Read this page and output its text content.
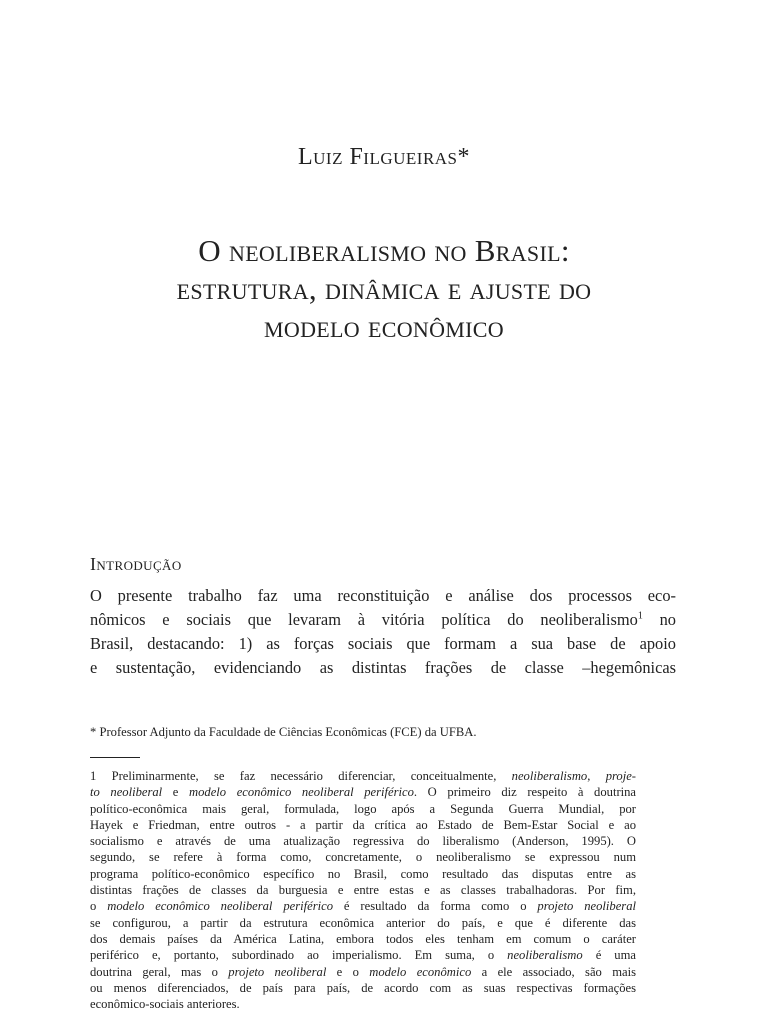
Luiz Filgueiras*
O neoliberalismo no Brasil:
estrutura, dinâmica e ajuste do
modelo econômico
Introdução
O presente trabalho faz uma reconstituição e análise dos processos eco-
nômicos e sociais que levaram à vitória política do neoliberalismo$^1$ no
Brasil, destacando: 1) as forças sociais que formam a sua base de apoio
e sustentação, evidenciando as distintas frações de classe –hegemônicas
* Professor Adjunto da Faculdade de Ciências Econômicas (FCE) da UFBA.
1 Preliminarmente, se faz necessário diferenciar, conceitualmente, neoliberalismo, proje-
to neoliberal e modelo econômico neoliberal periférico. O primeiro diz respeito à doutrina
político-econômica mais geral, formulada, logo após a Segunda Guerra Mundial, por
Hayek e Friedman, entre outros - a partir da crítica ao Estado de Bem-Estar Social e ao
socialismo e através de uma atualização regressiva do liberalismo (Anderson, 1995). O
segundo, se refere à forma como, concretamente, o neoliberalismo se expressou num
programa político-econômico específico no Brasil, como resultado das disputas entre as
distintas frações de classes da burguesia e entre estas e as classes trabalhadoras. Por fim,
o modelo econômico neoliberal periférico é resultado da forma como o projeto neoliberal
se configurou, a partir da estrutura econômica anterior do país, e que é diferente das
dos demais países da América Latina, embora todos eles tenham em comum o caráter
periférico e, portanto, subordinado ao imperialismo. Em suma, o neoliberalismo é uma
doutrina geral, mas o projeto neoliberal e o modelo econômico a ele associado, são mais
ou menos diferenciados, de país para país, de acordo com as suas respectivas formações
econômico-sociais anteriores.
